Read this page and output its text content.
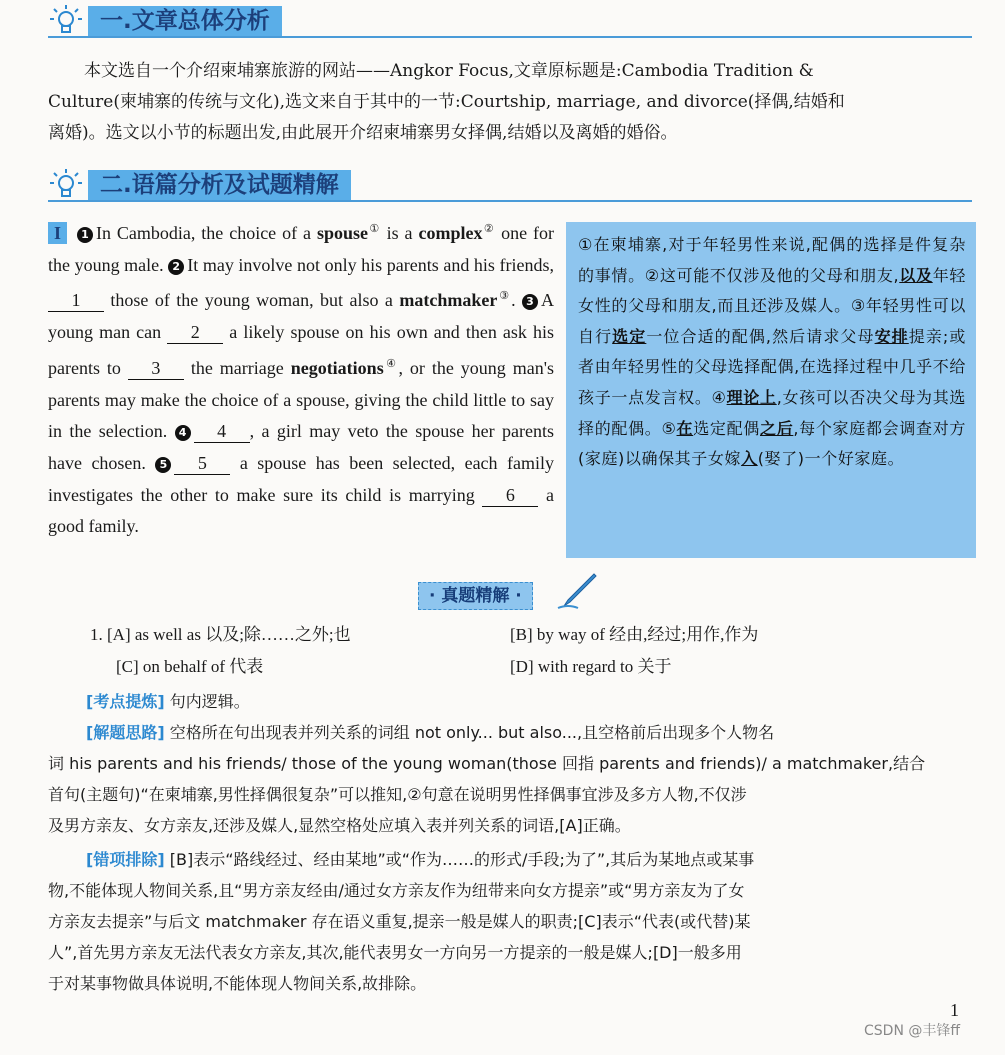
一.文章总体分析
本文选自一个介绍柬埔寨旅游的网站——Angkor Focus,文章原标题是:Cambodia Tradition &
Culture(柬埔寨的传统与文化),选文来自于其中的一节:Courtship, marriage, and divorce(择偶,结婚和
离婚)。选文以小节的标题出发,由此展开介绍柬埔寨男女择偶,结婚以及离婚的婚俗。
二.语篇分析及试题精解
I 1 In Cambodia, the choice of a spouse① is a complex② one for the young male. 2 It may involve not only his parents and his friends, 1 those of the young woman, but also a matchmaker③. 3 A young man can 2 a likely spouse on his own and then ask his parents to 3 the marriage negotiations④, or the young man's parents may make the choice of a spouse, giving the child little to say in the selection. 4 4 , a girl may veto the spouse her parents have chosen. 5 5 a spouse has been selected, each family investigates the other to make sure its child is marrying 6 a good family.
①在柬埔寨,对于年轻男性来说,配偶的选择是件复杂的事情。②这可能不仅涉及他的父母和朋友,以及年轻女性的父母和朋友,而且还涉及媒人。③年轻男性可以自行选定一位合适的配偶,然后请求父母安排提亲;或者由年轻男性的父母选择配偶,在选择过程中几乎不给孩子一点发言权。④理论上,女孩可以否决父母为其选择的配偶。⑤在选定配偶之后,每个家庭都会调查对方(家庭)以确保其子女嫁入(娶了)一个好家庭。
· 真题精解 ·
1. [A] as well as 以及;除……之外;也	[B] by way of 经由,经过;用作,作为
[C] on behalf of 代表	[D] with regard to 关于
[考点提炼] 句内逻辑。
[解题思路] 空格所在句出现表并列关系的词组 not only... but also...,且空格前后出现多个人物名
词 his parents and his friends/ those of the young woman(those 回指 parents and friends)/ a matchmaker,结合
首句(主题句)“在柬埔寨,男性择偶很复杂”可以推知,②句意在说明男性择偶事宜涉及多方人物,不仅涉
及男方亲友、女方亲友,还涉及媒人,显然空格处应填入表并列关系的词语,[A]正确。
[错项排除] [B]表示“路线经过、经由某地”或“作为……的形式/手段;为了”,其后为某地点或某事
物,不能体现人物间关系,且“男方亲友经由/通过女方亲友作为纽带来向女方提亲”或“男方亲友为了女
方亲友去提亲”与后文 matchmaker 存在语义重复,提亲一般是媒人的职责;[C]表示“代表(或代替)某
人”,首先男方亲友无法代表女方亲友,其次,能代表男女一方向另一方提亲的一般是媒人;[D]一般多用
于对某事物做具体说明,不能体现人物间关系,故排除。
1
CSDN @丰锋ff
